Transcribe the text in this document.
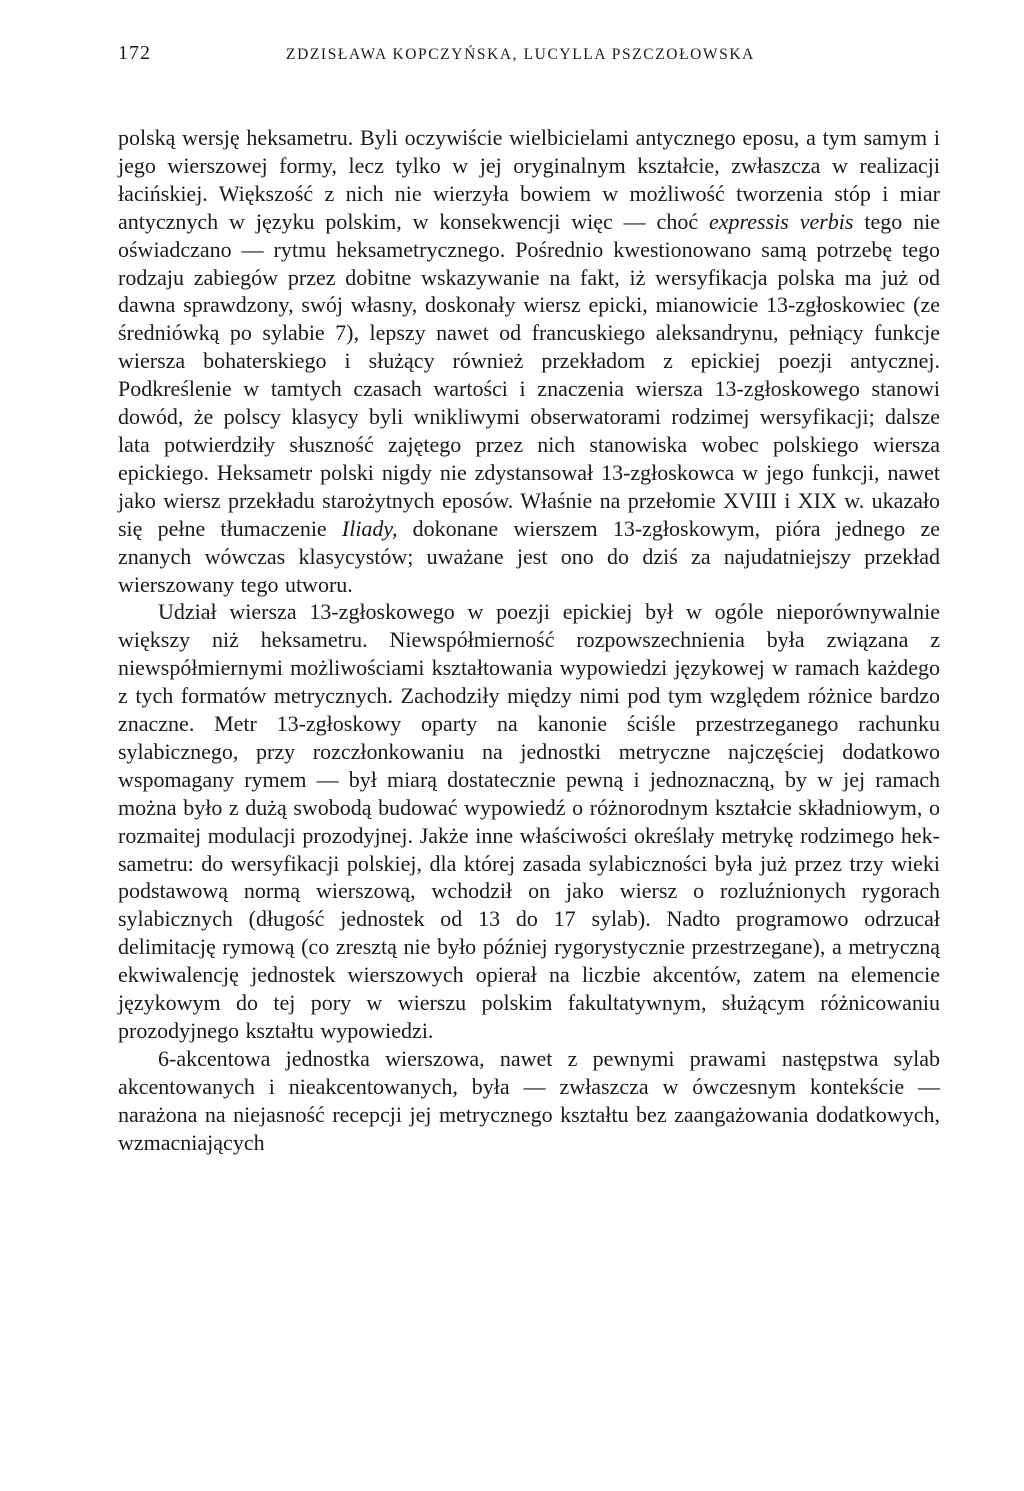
172	ZDZISŁAWA KOPCZYŃSKA, LUCYLLA PSZCZOŁOWSKA

polską wersję heksametru. Byli oczywiście wielbicielami antycznego eposu, a tym samym i jego wierszowej formy, lecz tylko w jej oryginalnym kształcie, zwłaszcza w realizacji łacińskiej. Większość z nich nie wierzyła bowiem w możliwość tworzenia stóp i miar antycznych w języku polskim, w konsekwencji więc — choć expressis verbis tego nie oświadczano — rytmu heksametrycznego. Pośrednio kwestionowano samą potrzebę tego rodzaju zabiegów przez dobitne wskazywanie na fakt, iż wersyfikacja polska ma już od dawna sprawdzony, swój własny, doskonały wiersz epicki, mianowicie 13-zgłoskowiec (ze średniówką po sylabie 7), lepszy nawet od francuskiego aleksandrynu, pełniący funkcje wiersza bohaterskiego i służący również przekładom z epickiej poezji antycznej. Podkreślenie w tamtych czasach wartości i znaczenia wiersza 13-zgłoskowego stanowi dowód, że polscy klasycy byli wnikliwymi obserwatorami rodzimej wersyfikacji; dalsze lata potwierdziły słuszność zajętego przez nich stanowiska wobec polskiego wiersza epickiego. Heksametr polski nigdy nie zdystansował 13-zgłoskowca w jego funkcji, nawet jako wiersz przekładu starożytnych eposów. Właśnie na przełomie XVIII i XIX w. ukazało się pełne tłumaczenie Iliady, dokonane wierszem 13-zgłoskowym, pióra jednego ze znanych wówczas klasycystów; uważane jest ono do dziś za najudatniejszy przekład wierszowany tego utworu.

Udział wiersza 13-zgłoskowego w poezji epickiej był w ogóle nieporównywalnie większy niż heksametru. Niewspółmierność rozpowszechnienia była związana z niewspółmiernymi możliwościami kształtowania wypowiedzi językowej w ramach każdego z tych formatów metrycznych. Zachodziły między nimi pod tym względem różnice bardzo znaczne. Metr 13-zgłoskowy oparty na kanonie ściśle przestrzeganego rachunku sylabicznego, przy rozczłonkowaniu na jednostki metryczne najczęściej dodatkowo wspomagany rymem — był miarą dostatecznie pewną i jednoznaczną, by w jej ramach można było z dużą swobodą budować wypowiedź o różnorodnym kształcie składniowym, o rozmaitej modulacji prozodyjnej. Jakże inne właściwości określały metrykę rodzimego heksametru: do wersyfikacji polskiej, dla której zasada sylabiczności była już przez trzy wieki podstawową normą wierszową, wchodził on jako wiersz o rozluźnionych rygorach sylabicznych (długość jednostek od 13 do 17 sylab). Nadto programowo odrzucał delimitację rymową (co zresztą nie było później rygorystycznie przestrzegane), a metryczną ekwiwalencję jednostek wierszowych opierał na liczbie akcentów, zatem na elemencie językowym do tej pory w wierszu polskim fakultatywnym, służącym różnicowaniu prozodyjnego kształtu wypowiedzi.

6-akcentowa jednostka wierszowa, nawet z pewnymi prawami następstwa sylab akcentowanych i nieakcentowanych, była — zwłaszcza w ówczesnym kontekście — narażona na niejasność recepcji jej metrycznego kształtu bez zaangażowania dodatkowych, wzmacniających
